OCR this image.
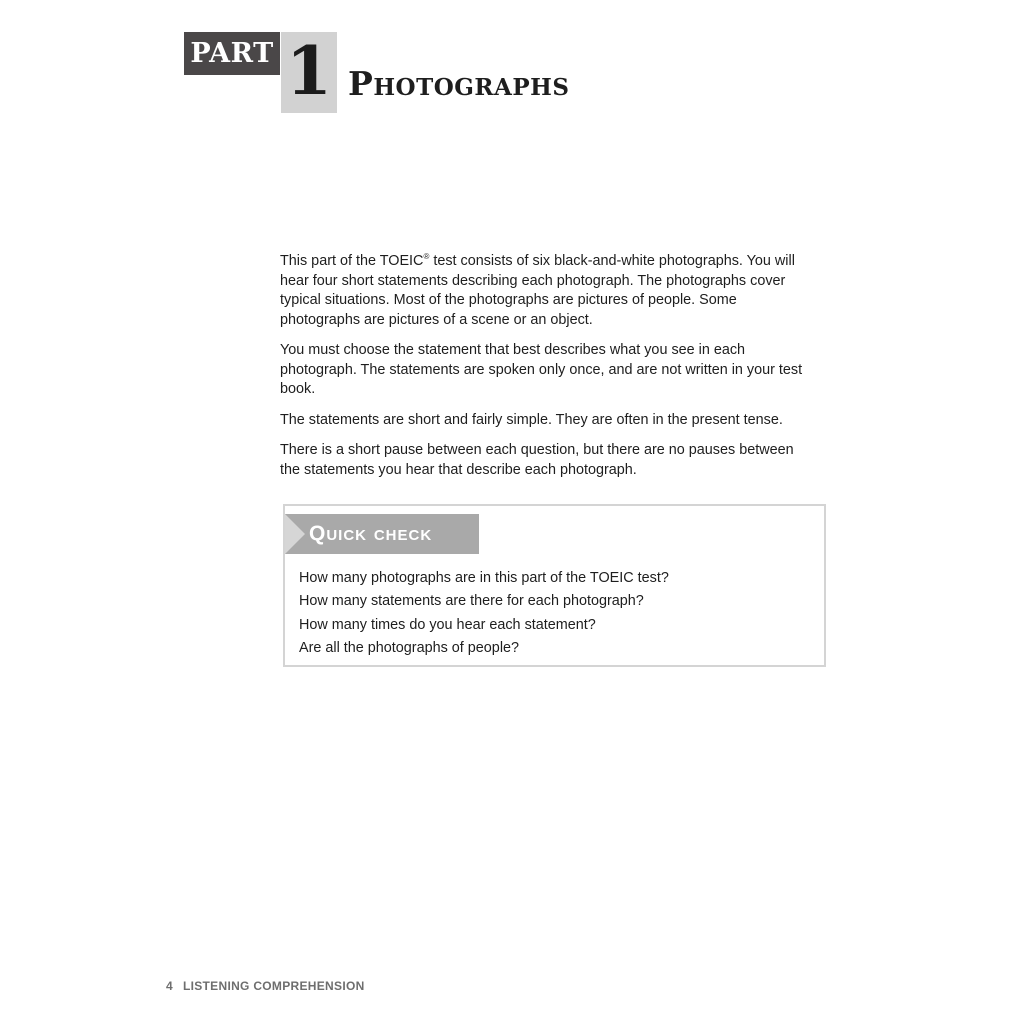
PART 1 Photographs

This part of the TOEIC® test consists of six black-and-white photographs. You will hear four short statements describing each photograph. The photographs cover typical situations. Most of the photographs are pictures of people. Some photographs are pictures of a scene or an object.

You must choose the statement that best describes what you see in each photograph. The statements are spoken only once, and are not written in your test book.

The statements are short and fairly simple. They are often in the present tense.

There is a short pause between each question, but there are no pauses between the statements you hear that describe each photograph.

Quick check
How many photographs are in this part of the TOEIC test?
How many statements are there for each photograph?
How many times do you hear each statement?
Are all the photographs of people?
4 LISTENING COMPREHENSION
